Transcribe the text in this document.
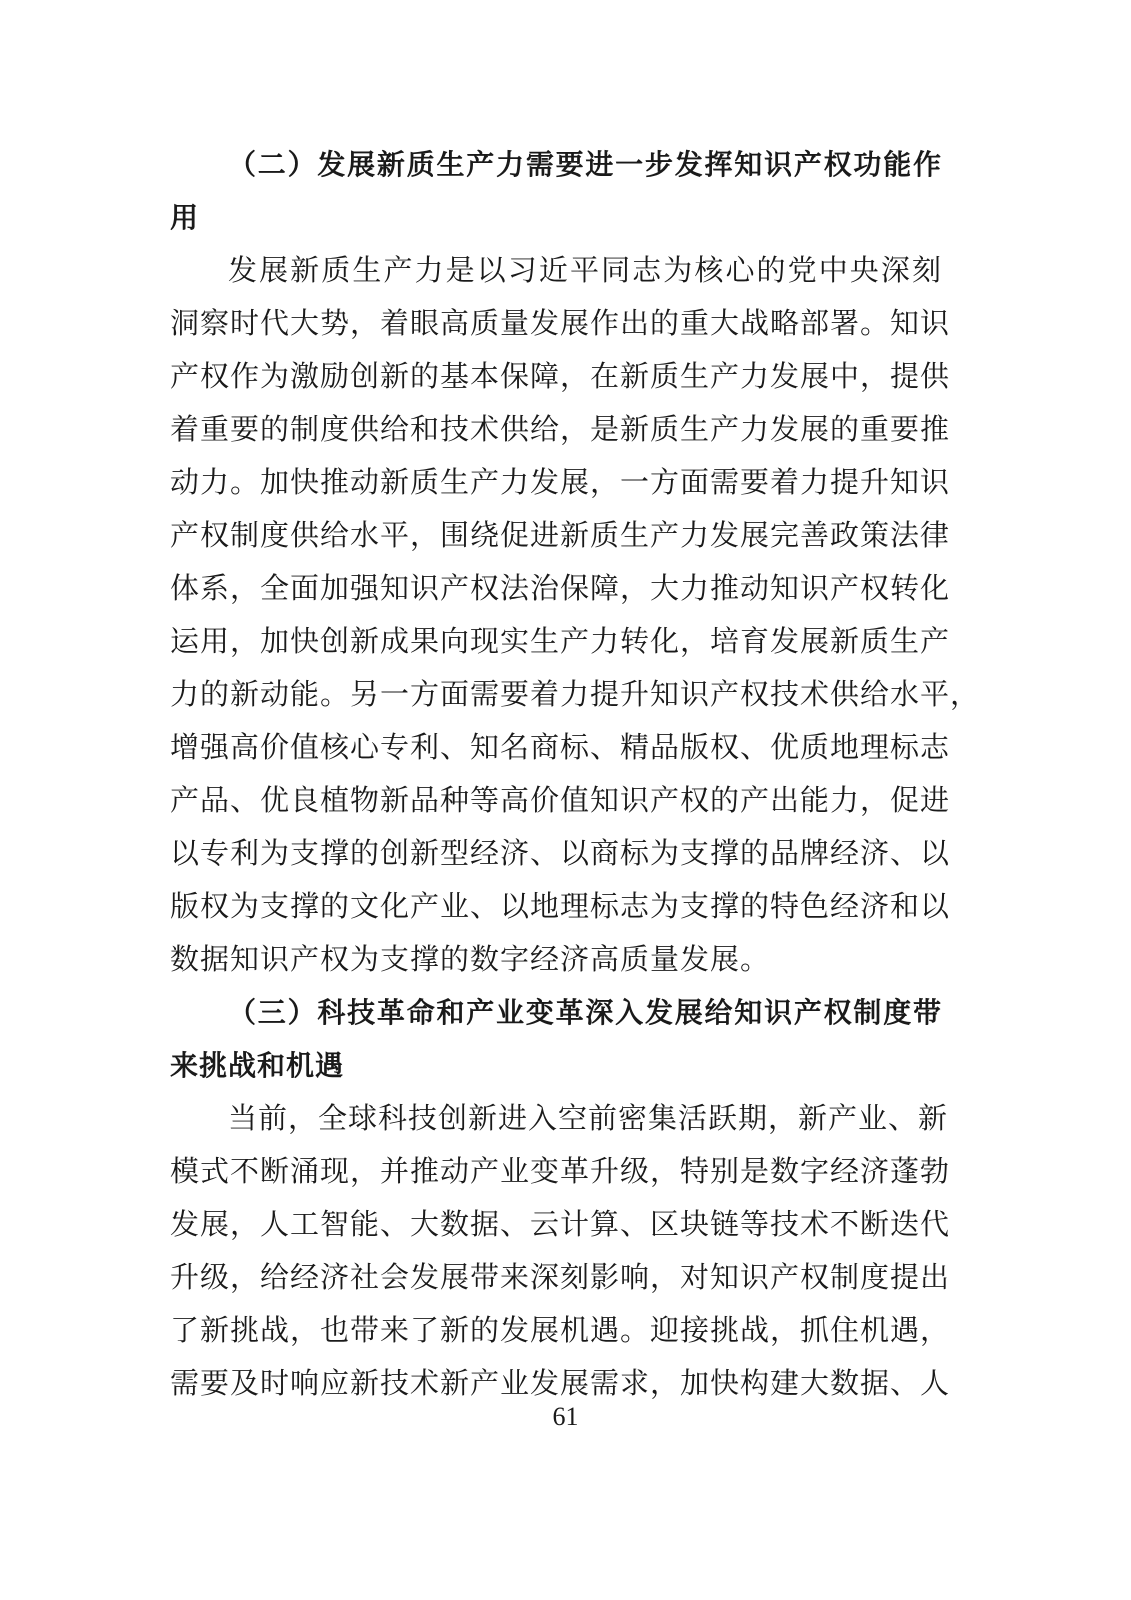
（二）发展新质生产力需要进一步发挥知识产权功能作
用
发展新质生产力是以习近平同志为核心的党中央深刻
洞察时代大势，着眼高质量发展作出的重大战略部署。知识
产权作为激励创新的基本保障，在新质生产力发展中，提供
着重要的制度供给和技术供给，是新质生产力发展的重要推
动力。加快推动新质生产力发展，一方面需要着力提升知识
产权制度供给水平，围绕促进新质生产力发展完善政策法律
体系，全面加强知识产权法治保障，大力推动知识产权转化
运用，加快创新成果向现实生产力转化，培育发展新质生产
力的新动能。另一方面需要着力提升知识产权技术供给水平，
增强高价值核心专利、知名商标、精品版权、优质地理标志
产品、优良植物新品种等高价值知识产权的产出能力，促进
以专利为支撑的创新型经济、以商标为支撑的品牌经济、以
版权为支撑的文化产业、以地理标志为支撑的特色经济和以
数据知识产权为支撑的数字经济高质量发展。
（三）科技革命和产业变革深入发展给知识产权制度带
来挑战和机遇
当前，全球科技创新进入空前密集活跃期，新产业、新
模式不断涌现，并推动产业变革升级，特别是数字经济蓬勃
发展，人工智能、大数据、云计算、区块链等技术不断迭代
升级，给经济社会发展带来深刻影响，对知识产权制度提出
了新挑战，也带来了新的发展机遇。迎接挑战，抓住机遇，
需要及时响应新技术新产业发展需求，加快构建大数据、人
61
